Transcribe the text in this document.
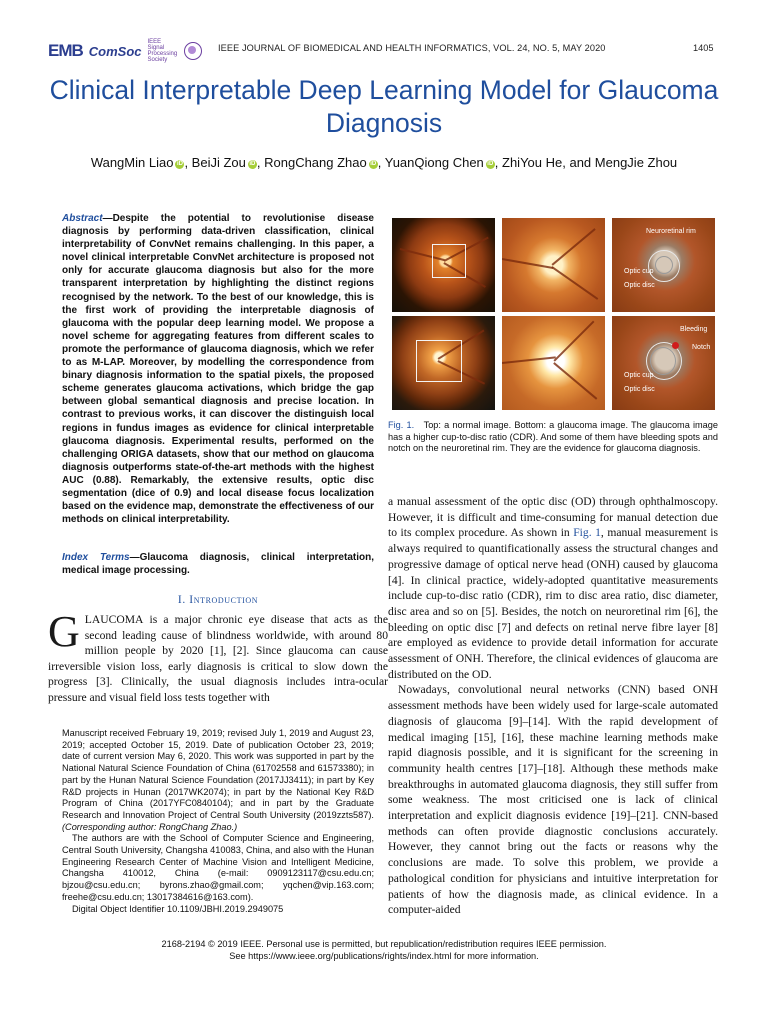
EMB ComSoc
IEEE Signal Processing Society
IEEE JOURNAL OF BIOMEDICAL AND HEALTH INFORMATICS, VOL. 24, NO. 5, MAY 2020	1405
Clinical Interpretable Deep Learning Model for Glaucoma Diagnosis
WangMin Liao iD , BeiJi Zou iD , RongChang Zhao iD , YuanQiong Chen iD , ZhiYou He, and MengJie Zhou
Abstract—Despite the potential to revolutionise disease diagnosis by performing data-driven classification, clinical interpretability of ConvNet remains challenging. In this paper, a novel clinical interpretable ConvNet architecture is proposed not only for accurate glaucoma diagnosis but also for the more transparent interpretation by highlighting the distinct regions recognised by the network. To the best of our knowledge, this is the first work of providing the interpretable diagnosis of glaucoma with the popular deep learning model. We propose a novel scheme for aggregating features from different scales to promote the performance of glaucoma diagnosis, which we refer to as M-LAP. Moreover, by modelling the correspondence from binary diagnosis information to the spatial pixels, the proposed scheme generates glaucoma activations, which bridge the gap between global semantical diagnosis and precise location. In contrast to previous works, it can discover the distinguish local regions in fundus images as evidence for clinical interpretable glaucoma diagnosis. Experimental results, performed on the challenging ORIGA datasets, show that our method on glaucoma diagnosis outperforms state-of-the-art methods with the highest AUC (0.88). Remarkably, the extensive results, optic disc segmentation (dice of 0.9) and local disease focus localization based on the evidence map, demonstrate the effectiveness of our methods on clinical interpretability.
Index Terms—Glaucoma diagnosis, clinical interpretation, medical image processing.
I. Introduction
GLAUCOMA is a major chronic eye disease that acts as the second leading cause of blindness worldwide, with around 80 million people by 2020 [1], [2]. Since glaucoma can cause irreversible vision loss, early diagnosis is critical to slow down the progress [3]. Clinically, the usual diagnosis includes intra-ocular pressure and visual field loss tests together with

Manuscript received February 19, 2019; revised July 1, 2019 and August 23, 2019; accepted October 15, 2019. Date of publication October 23, 2019; date of current version May 6, 2020. This work was supported in part by the National Natural Science Foundation of China (61702558 and 61573380); in part by the Hunan Natural Science Foundation (2017JJ3411); in part by Key R&D projects in Hunan (2017WK2074); in part by the National Key R&D Program of China (2017YFC0840104); and in part by the Graduate Research and Innovation Project of Central South University (2019zzts587). (Corresponding author: RongChang Zhao.)

The authors are with the School of Computer Science and Engineering, Central South University, Changsha 410083, China, and also with the Hunan Engineering Research Center of Machine Vision and Intelligent Medicine, Changsha 410012, China (e-mail: 0909123117@csu.edu.cn; bjzou@csu.edu.cn; byrons.zhao@gmail.com; yqchen@vip.163.com; freehe@csu.edu.cn; 13017384616@163.com).

Digital Object Identifier 10.1109/JBHI.2019.2949075

Neuroretinal rim
Optic cup
Optic disc
Bleeding
Notch
Optic cup
Optic disc
Fig. 1. Top: a normal image. Bottom: a glaucoma image. The glaucoma image has a higher cup-to-disc ratio (CDR). And some of them have bleeding spots and notch on the neuroretinal rim. They are the evidence for glaucoma diagnosis.

a manual assessment of the optic disc (OD) through ophthalmoscopy. However, it is difficult and time-consuming for manual detection due to its complex procedure. As shown in Fig. 1, manual measurement is always required to quantificationally assess the structural changes and progressive damage of optical nerve head (ONH) caused by glaucoma [4]. In clinical practice, widely-adopted quantitative measurements include cup-to-disc ratio (CDR), rim to disc area ratio, disc diameter, disc area and so on [5]. Besides, the notch on neuroretinal rim [6], the bleeding on optic disc [7] and defects on retinal nerve fibre layer [8] are employed as evidence to provide detail information for accurate assessment of ONH. Therefore, the clinical evidences of glaucoma are distributed on the OD.

Nowadays, convolutional neural networks (CNN) based ONH assessment methods have been widely used for large-scale automated diagnosis of glaucoma [9]–[14]. With the rapid development of medical imaging [15], [16], these machine learning methods make rapid diagnosis possible, and it is significant for the screening in community health centres [17]–[18]. Although these methods make breakthroughs in automated glaucoma diagnosis, they still suffer from some weakness. The most criticised one is lack of clinical interpretation and explicit diagnosis evidence [19]–[21]. CNN-based methods can often provide diagnostic conclusions accurately. However, they cannot bring out the facts or reasons why the conclusions are made. To solve this problem, we provide a pathological condition for physicians and intuitive interpretation for patients of how the diagnosis made, as clinical evidence. In a computer-aided

2168-2194 © 2019 IEEE. Personal use is permitted, but republication/redistribution requires IEEE permission.
See https://www.ieee.org/publications/rights/index.html for more information.
